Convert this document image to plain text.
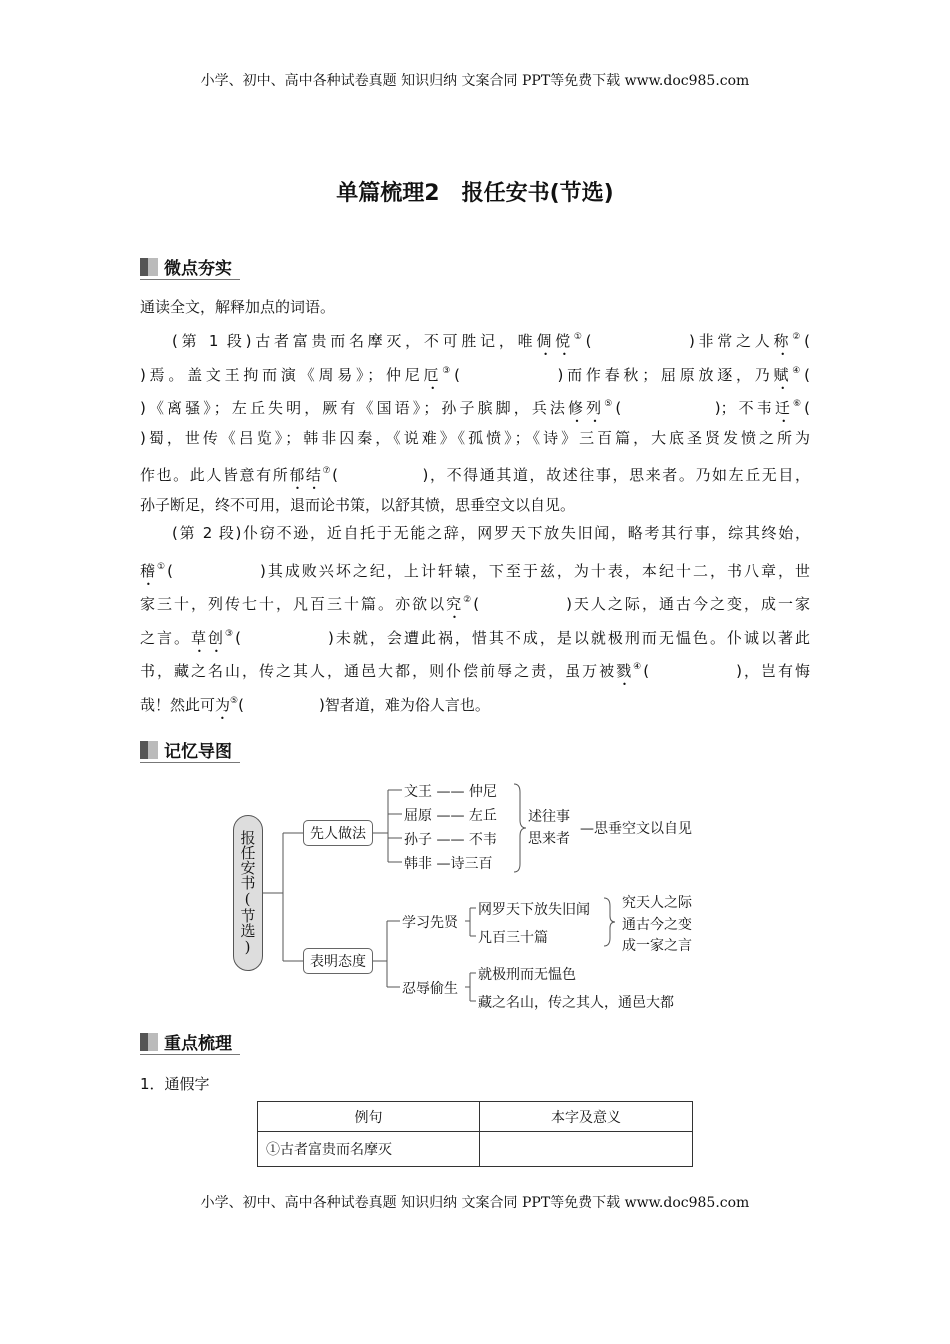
小学、初中、高中各种试卷真题 知识归纳 文案合同 PPT等免费下载 www.doc985.com
单篇梳理2　报任安书(节选)
微点夯实
通读全文，解释加点的词语。
(第 1 段)古者富贵而名摩灭，不可胜记，唯倜傥①(　　　　　)非常之人称②(
)焉。盖文王拘而演《周易》；仲尼厄③(　　　　　)而作春秋；屈原放逐，乃赋④(
)《离骚》；左丘失明，厥有《国语》；孙子膑脚，兵法修列⑤(　　　　　)；不韦迁⑥(
)蜀，世传《吕览》；韩非囚秦，《说难》《孤愤》；《诗》三百篇，大底圣贤发愤之所为
作也。此人皆意有所郁结⑦(　　　　　)，不得通其道，故述往事，思来者。乃如左丘无目，
孙子断足，终不可用，退而论书策，以舒其愤，思垂空文以自见。
(第 2 段)仆窃不逊，近自托于无能之辞，网罗天下放失旧闻，略考其行事，综其终始，
稽①(　　　　　)其成败兴坏之纪，上计轩辕，下至于兹，为十表，本纪十二，书八章，世
家三十，列传七十，凡百三十篇。亦欲以究②(　　　　　)天人之际，通古今之变，成一家
之言。草创③(　　　　　)未就，会遭此祸，惜其不成，是以就极刑而无愠色。仆诚以著此
书，藏之名山，传之其人，通邑大都，则仆偿前辱之责，虽万被戮④(　　　　　)，岂有悔
哉！然此可为⑤(　　　　　)智者道，难为俗人言也。
记忆导图
报任安书(节选)	先人做法
表明态度
文王 —— 仲尼
屈原 —— 左丘
孙子 —— 不韦
韩非 —诗三百
述往事
思来者
—思垂空文以自见
学习先贤
网罗天下放失旧闻
凡百三十篇
究天人之际
通古今之变
成一家之言
忍辱偷生
就极刑而无愠色
藏之名山，传之其人，通邑大都
重点梳理
1．通假字
例句	本字及意义
①古者富贵而名摩灭	
小学、初中、高中各种试卷真题 知识归纳 文案合同 PPT等免费下载 www.doc985.com
